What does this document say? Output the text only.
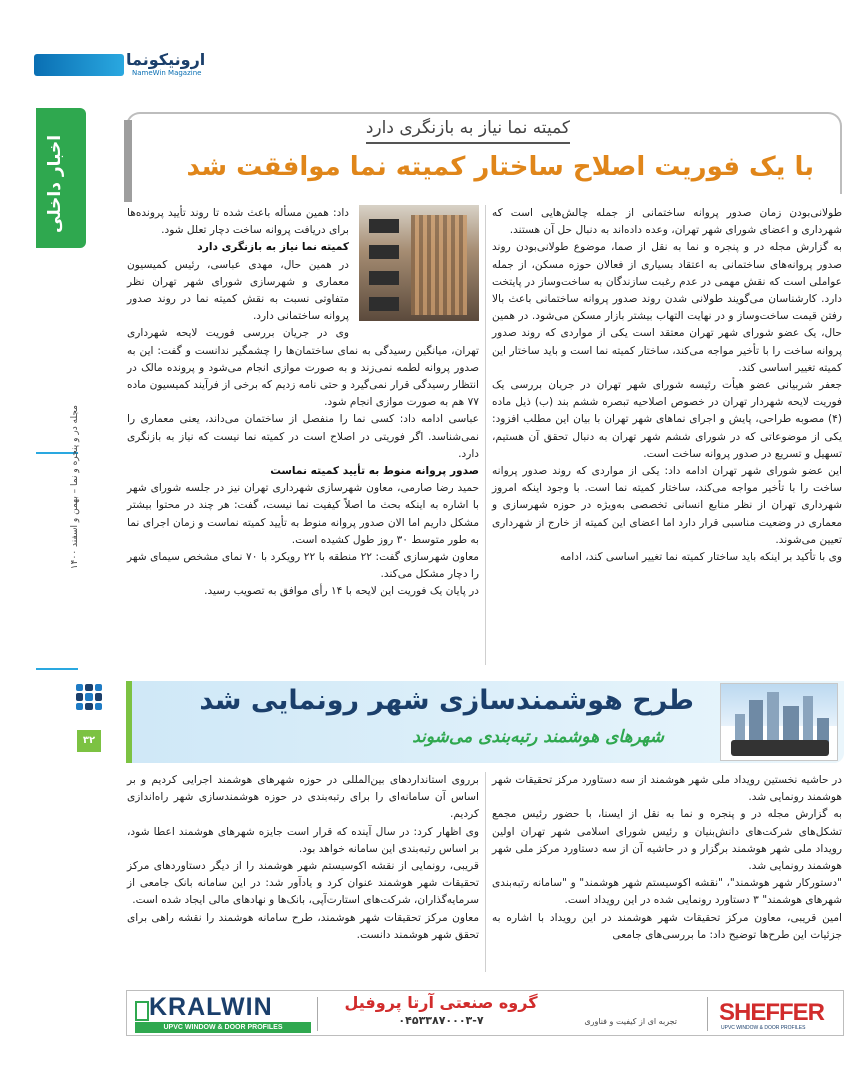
ارونیکونما
NameWin Magazine
اخبار داخلی
مجله در و پنجره و نما – بهمن و اسفند ۱۴۰۰
۳۲
کمیته نما نیاز به بازنگری دارد
با یک فوریت اصلاح ساختار کمیته نما موافقت شد

طولانی‌بودن زمان صدور پروانه ساختمانی از جمله چالش‌هایی است که شهرداری و اعضای شورای شهر تهران، وعده داده‌اند به دنبال حل آن هستند.

به گزارش مجله در و پنجره و نما به نقل از صما، موضوع طولانی‌بودن روند صدور پروانه‌های ساختمانی به اعتقاد بسیاری از فعالان حوزه مسکن، از جمله عواملی است که نقش مهمی در عدم رغبت سازندگان به ساخت‌وساز در پایتخت دارد. کارشناسان می‌گویند طولانی شدن روند صدور پروانه ساختمانی باعث بالا رفتن قیمت ساخت‌وساز و در نهایت التهاب بیشتر بازار مسکن می‌شود. در همین حال، یک عضو شورای شهر تهران معتقد است یکی از مواردی که روند صدور پروانه ساخت را با تأخیر مواجه می‌کند، ساختار کمیته نما است و باید ساختار این کمیته تغییر اساسی کند.

جعفر شربیانی عضو هیأت رئیسه شورای شهر تهران در جریان بررسی یک فوریت لایحه شهردار تهران در خصوص اصلاحیه تبصره ششم بند (ب) ذیل ماده (۴) مصوبه طراحی، پایش و اجرای نماهای شهر تهران با بیان این مطلب افزود: یکی از موضوعاتی که در شورای ششم شهر تهران به دنبال تحقق آن هستیم، تسهیل و تسریع در صدور پروانه ساخت است.

این عضو شورای شهر تهران ادامه داد: یکی از مواردی که روند صدور پروانه ساخت را با تأخیر مواجه می‌کند، ساختار کمیته نما است. با وجود اینکه امروز شهرداری تهران از نظر منابع انسانی تخصصی به‌ویژه در حوزه شهرسازی و معماری در وضعیت مناسبی قرار دارد اما اعضای این کمیته از خارج از شهرداری تعیین می‌شوند.

وی با تأکید بر اینکه باید ساختار کمیته نما تغییر اساسی کند، ادامه

داد: همین مسأله باعث شده تا روند تأیید پرونده‌ها برای دریافت پروانه ساخت دچار تعلل شود.

کمیته نما نیاز به بازنگری دارد

در همین حال، مهدی عباسی، رئیس کمیسیون معماری و شهرسازی شورای شهر تهران نظر متفاوتی نسبت به نقش کمیته نما در روند صدور پروانه ساختمانی دارد.

وی در جریان بررسی فوریت لایحه شهرداری تهران، میانگین رسیدگی به نمای ساختمان‌ها را چشمگیر ندانست و گفت: این به صدور پروانه لطمه نمی‌زند و به صورت موازی انجام می‌شود و پرونده مالک در انتظار رسیدگی قرار نمی‌گیرد و حتی نامه زدیم که برخی از فرآیند کمیسیون ماده ۷۷ هم به صورت موازی انجام شود.

عباسی ادامه داد: کسی نما را منفصل از ساختمان می‌داند، یعنی معماری را نمی‌شناسد. اگر فوریتی در اصلاح است در کمیته نما نیست که نیاز به بازنگری دارد.

صدور پروانه منوط به تأیید کمیته نماست

حمید رضا صارمی، معاون شهرسازی شهرداری تهران نیز در جلسه شورای شهر با اشاره به اینکه بحث ما اصلاً کیفیت نما نیست، گفت: هر چند در محتوا بیشتر مشکل داریم اما الان صدور پروانه منوط به تأیید کمیته نماست و زمان اجرای نما به طور متوسط ۳۰ روز طول کشیده است.

معاون شهرسازی گفت: ۲۲ منطقه با ۲۲ رویکرد با ۷۰ نمای مشخص سیمای شهر را دچار مشکل می‌کند.

در پایان یک فوریت این لایحه با ۱۴ رأی موافق به تصویب رسید.

طرح هوشمندسازی شهر رونمایی شد
شهرهای هوشمند رتبه‌بندی می‌شوند

در حاشیه نخستین رویداد ملی شهر هوشمند از سه دستاورد مرکز تحقیقات شهر هوشمند رونمایی شد.

به گزارش مجله در و پنجره و نما به نقل از ایسنا، با حضور رئیس مجمع تشکل‌های شرکت‌های دانش‌بنیان و رئیس شورای اسلامی شهر تهران اولین رویداد ملی شهر هوشمند برگزار و در حاشیه آن از سه دستاورد مرکز ملی شهر هوشمند رونمایی شد.

"دستورکار شهر هوشمند"، "نقشه اکوسیستم شهر هوشمند" و "سامانه رتبه‌بندی شهرهای هوشمند" ۳ دستاورد رونمایی شده در این رویداد است.

امین قریبی، معاون مرکز تحقیقات شهر هوشمند در این رویداد با اشاره به جزئیات این طرح‌ها توضیح داد: ما بررسی‌های جامعی

برروی استانداردهای بین‌المللی در حوزه شهرهای هوشمند اجرایی کردیم و بر اساس آن سامانه‌ای را برای رتبه‌بندی در حوزه هوشمندسازی شهر راه‌اندازی کردیم.

وی اظهار کرد: در سال آینده که قرار است جایزه شهرهای هوشمند اعطا شود، بر اساس رتبه‌بندی این سامانه خواهد بود.

قریبی، رونمایی از نقشه اکوسیستم شهر هوشمند را از دیگر دستاوردهای مرکز تحقیقات شهر هوشمند عنوان کرد و یادآور شد: در این سامانه بانک جامعی از سرمایه‌گذاران، شرکت‌های استارت‌آپی، بانک‌ها و نهادهای مالی ایجاد شده است.

معاون مرکز تحقیقات شهر هوشمند، طرح سامانه هوشمند را نقشه راهی برای تحقق شهر هوشمند دانست.

KRALWIN
UPVC WINDOW & DOOR PROFILES
گروه صنعتی آرتا پروفیل
۰۴۵۳۳۸۷۰۰۰۳-۷	تجربه ای از کیفیت و فناوری SHEFFER
UPVC WINDOW & DOOR PROFILES
